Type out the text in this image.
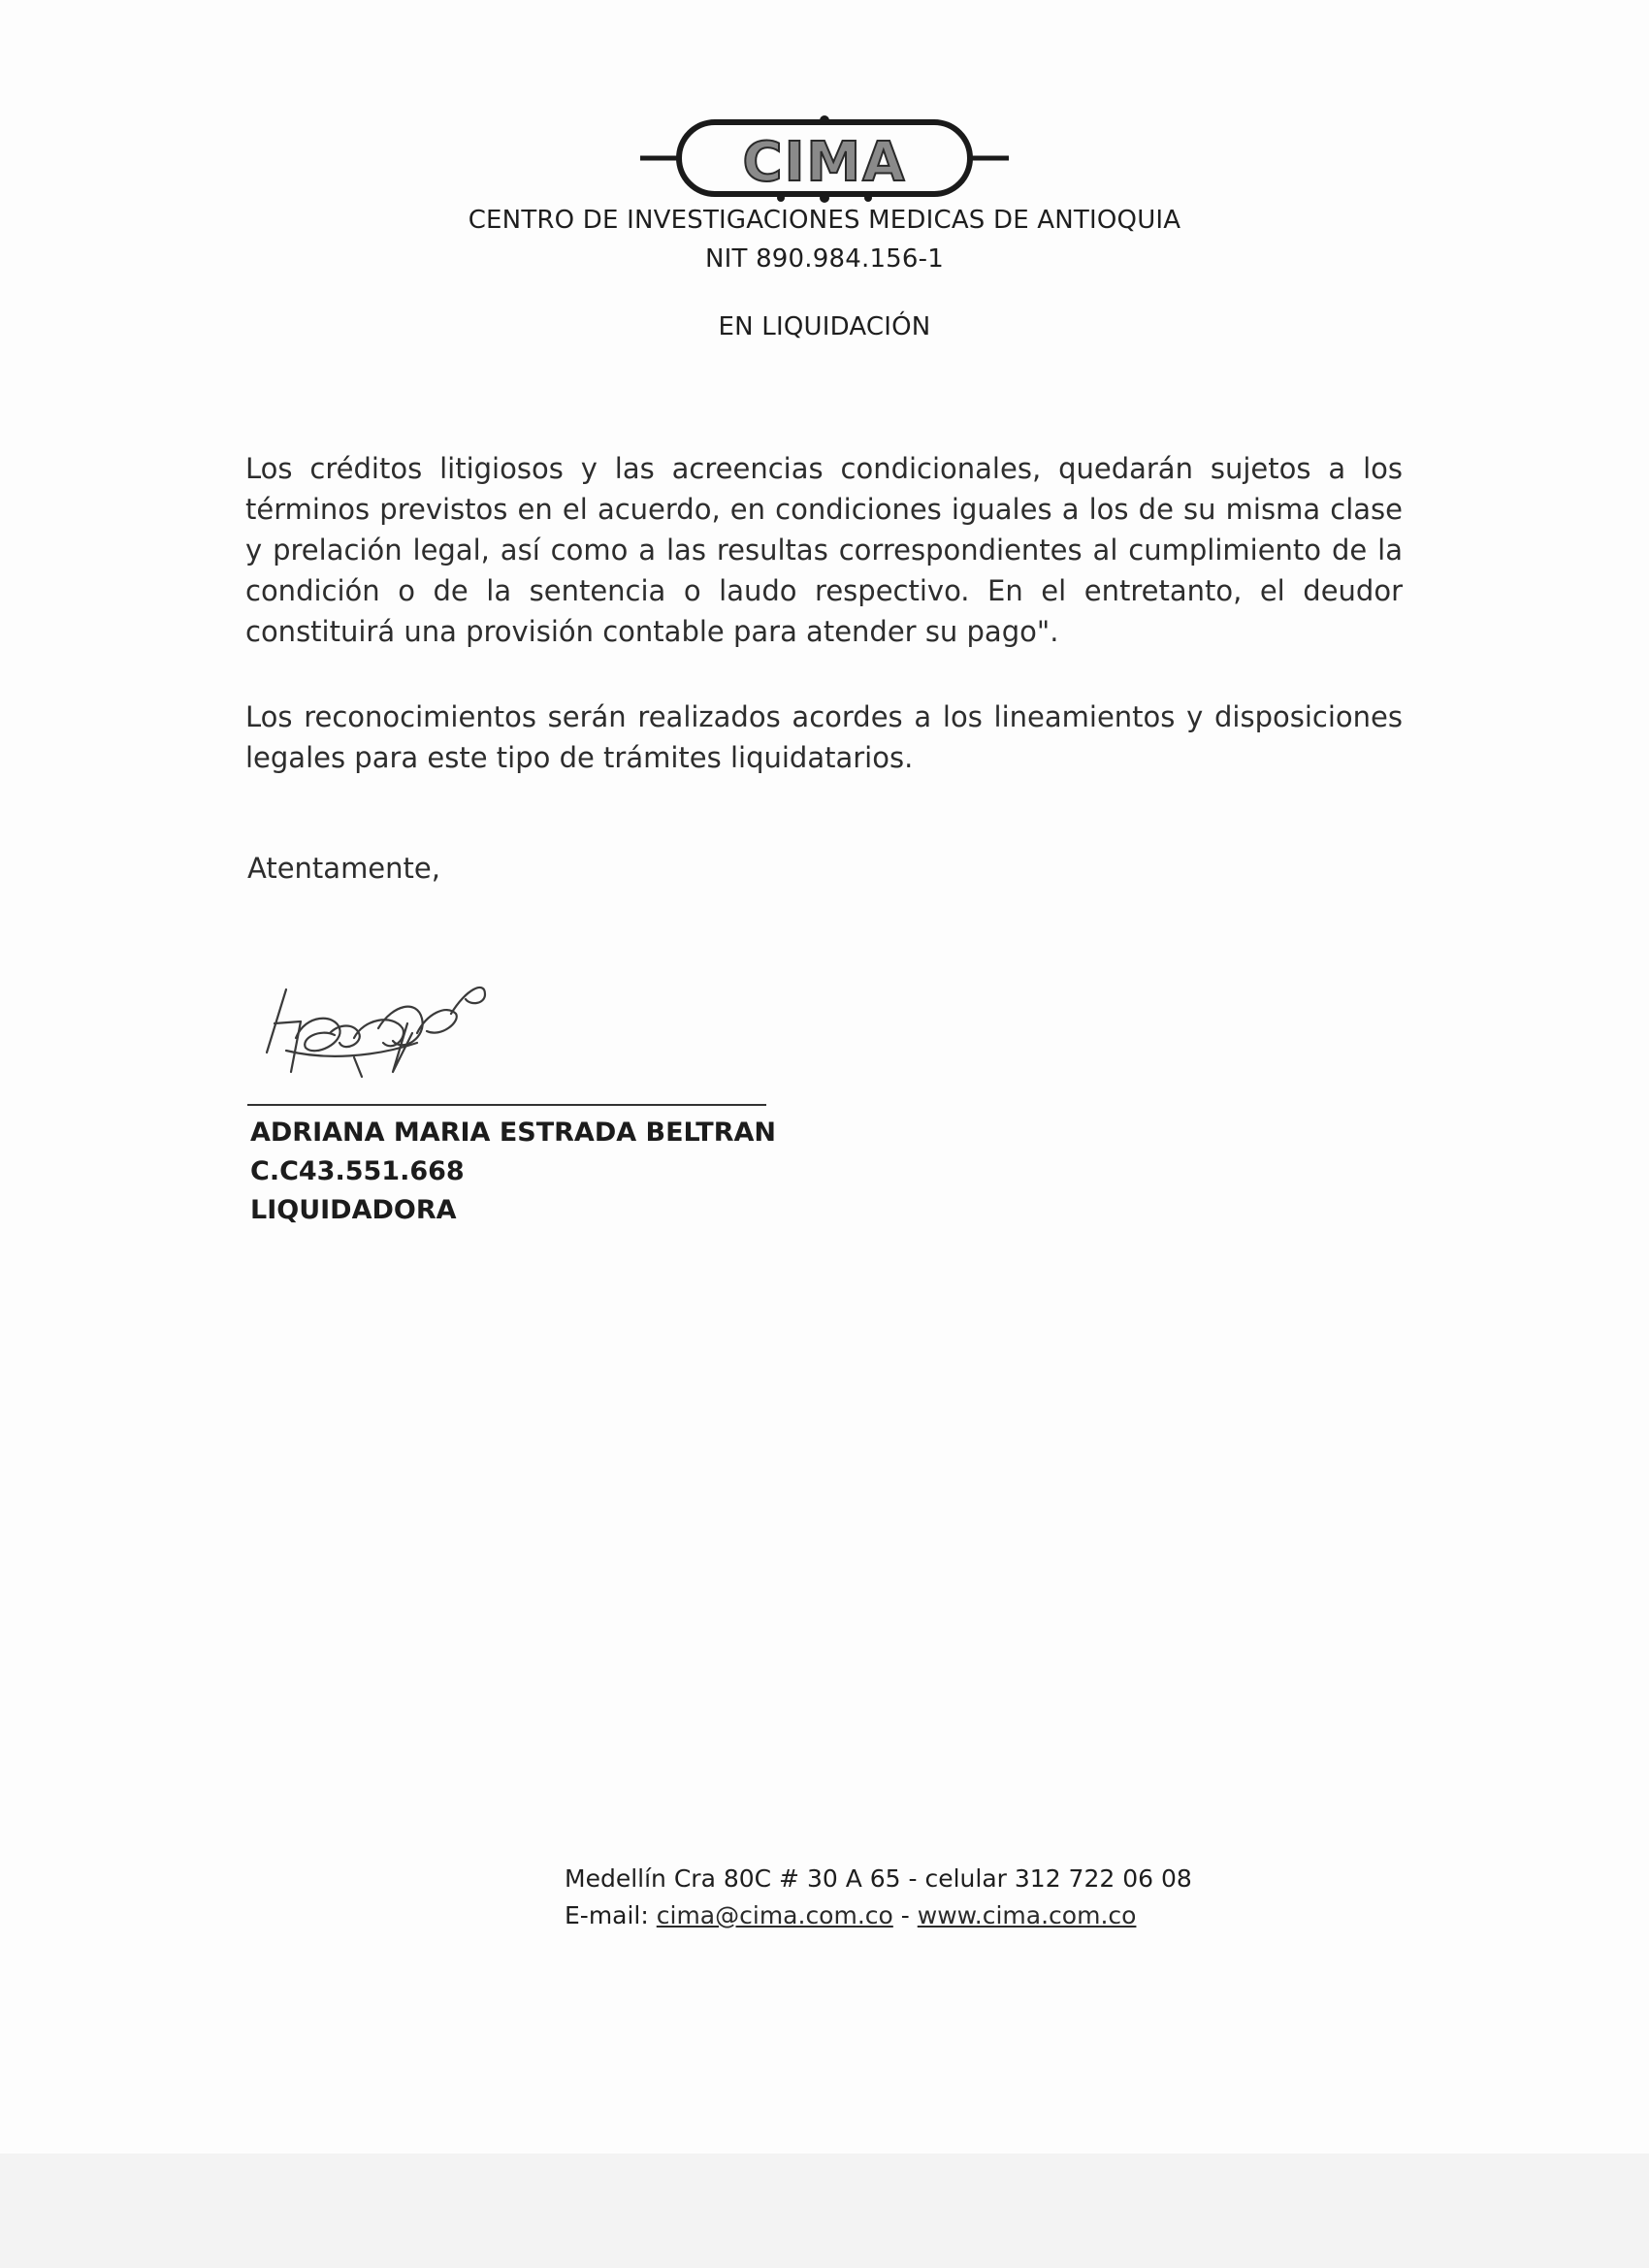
CIMA
CENTRO DE INVESTIGACIONES MEDICAS DE ANTIOQUIA
NIT 890.984.156-1
EN LIQUIDACIÓN
Los créditos litigiosos y las acreencias condicionales, quedarán sujetos a los términos previstos en el acuerdo, en condiciones iguales a los de su misma clase y prelación legal, así como a las resultas correspondientes al cumplimiento de la condición o de la sentencia o laudo respectivo. En el entretanto, el deudor constituirá una provisión contable para atender su pago".
Los reconocimientos serán realizados acordes a los lineamientos y disposiciones legales para este tipo de trámites liquidatarios.
Atentamente,
ADRIANA MARIA ESTRADA BELTRAN
C.C43.551.668
LIQUIDADORA
Medellín Cra 80C # 30 A 65 - celular 312 722 06 08
E-mail: cima@cima.com.co - www.cima.com.co
